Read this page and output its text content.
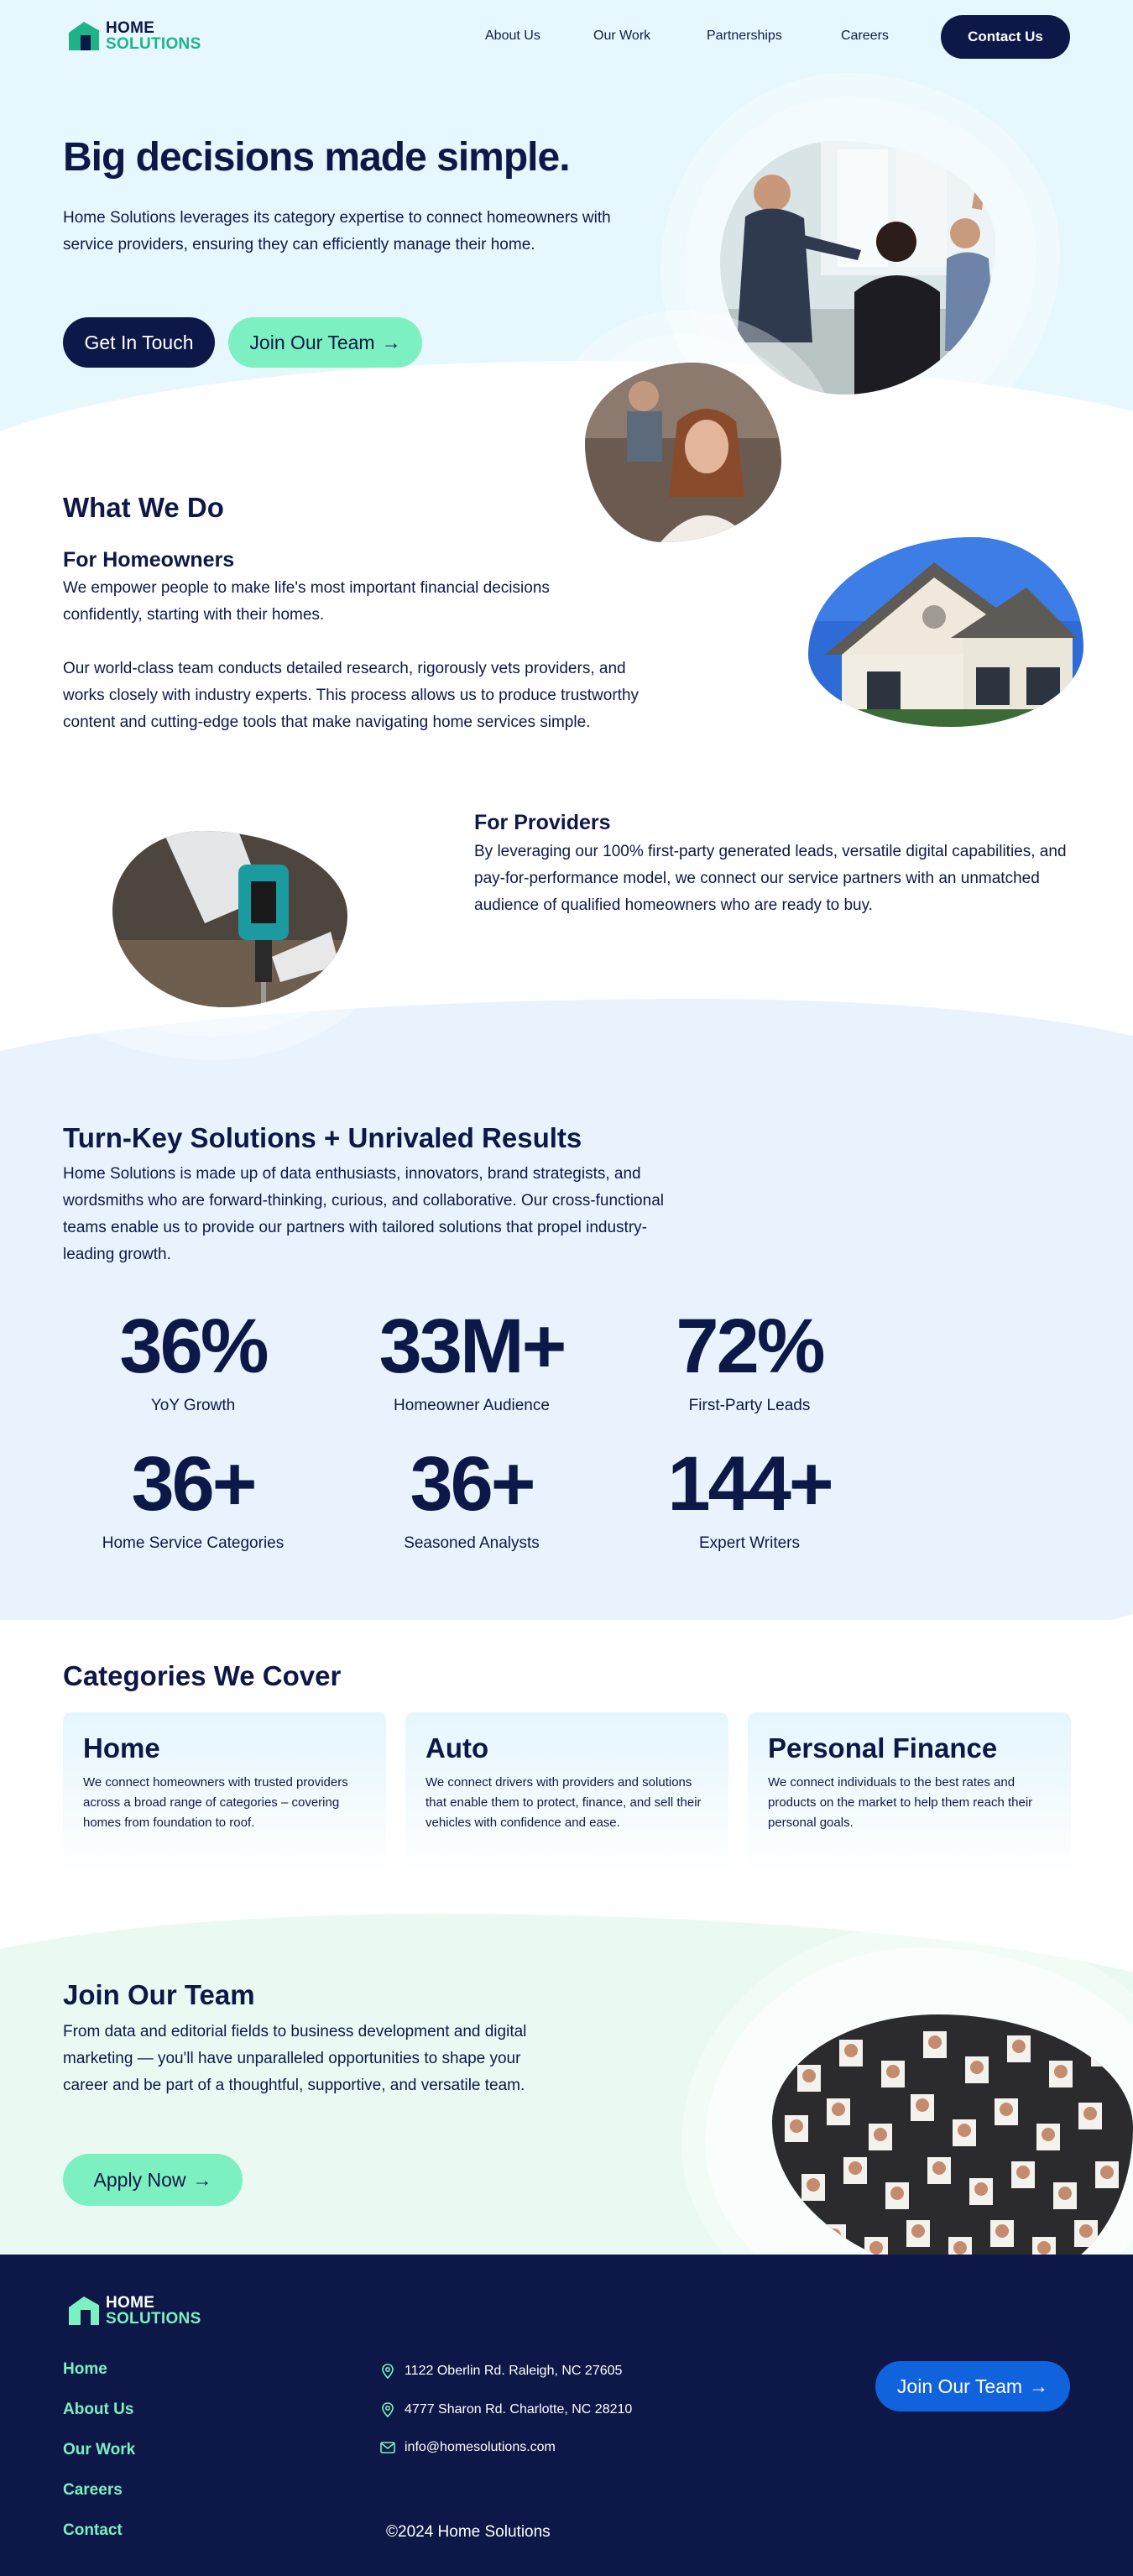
HOME
SOLUTIONS	About Us	Our Work	Partnerships	Careers	Contact Us
Big decisions made simple.

Home Solutions leverages its category expertise to connect homeowners with service providers, ensuring they can efficiently manage their home.

Get In Touch	Join Our Team →
What We Do
For Homeowners

We empower people to make life's most important financial decisions confidently, starting with their homes.

Our world-class team conducts detailed research, rigorously vets providers, and works closely with industry experts. This process allows us to produce trustworthy content and cutting-edge tools that make navigating home services simple.

For Providers

By leveraging our 100% first-party generated leads, versatile digital capabilities, and pay-for-performance model, we connect our service partners with an unmatched audience of qualified homeowners who are ready to buy.

Turn-Key Solutions + Unrivaled Results

Home Solutions is made up of data enthusiasts, innovators, brand strategists, and wordsmiths who are forward-thinking, curious, and collaborative. Our cross-functional teams enable us to provide our partners with tailored solutions that propel industry-leading growth.

36%
YoY Growth
33M+
Homeowner Audience
72%
First-Party Leads
36+
Home Service Categories
36+
Seasoned Analysts
144+
Expert Writers
Categories We Cover
Home
We connect homeowners with trusted providers across a broad range of categories – covering homes from foundation to roof.
Auto
We connect drivers with providers and solutions that enable them to protect, finance, and sell their vehicles with confidence and ease.
Personal Finance
We connect individuals to the best rates and products on the market to help them reach their personal goals.
Join Our Team

From data and editorial fields to business development and digital marketing — you'll have unparalleled opportunities to shape your career and be part of a thoughtful, supportive, and versatile team.

Apply Now →
HOME
SOLUTIONS
Home
About Us
Our Work
Careers
Contact
1122 Oberlin Rd. Raleigh, NC 27605
4777 Sharon Rd. Charlotte, NC 28210
info@homesolutions.com
Join Our Team →
©2024 Home Solutions
